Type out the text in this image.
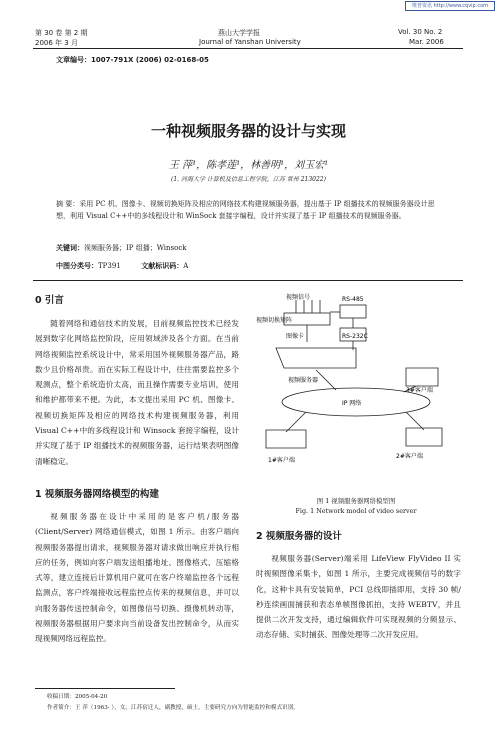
维普资讯 http://www.cqvip.com
第 30 卷 第 2 期
2006 年 3 月
燕山大学学报
Journal of Yanshan University
Vol. 30 No. 2
Mar. 2006
文章编号：1007-791X (2006) 02-0168-05
一种视频服务器的设计与实现
王 萍¹，陈孝莲¹，林善明¹，刘玉宏¹
(1. 河海大学 计算机及信息工程学院，江苏 常州 213022)
摘 要：采用 PC 机、图像卡、视频切换矩阵及相应的网络技术构建视频服务器，提出基于 IP 组播技术的视频服务器设计思想，利用 Visual C++中的多线程设计和 WinSock 套接字编程，设计并实现了基于 IP 组播技术的视频服务器。
关键词：视频服务器；IP 组播；Winsock
中图分类号：TP391	文献标识码：A
0 引言
随着网络和通信技术的发展，目前视频监控技术已经发展到数字化网络监控阶段，应用领域涉及各个方面。在当前网络视频监控系统设计中，常采用国外视频服务器产品，路数少且价格昂贵。而在实际工程设计中，往往需要监控多个观测点，整个系统造价太高，而且操作需要专业培训，使用和维护都带来不便。为此，本文提出采用 PC 机、图像卡、视频切换矩阵及相应的网络技术构建视频服务器，利用 Visual C++中的多线程设计和 Winsock 套接字编程，设计并实现了基于 IP 组播技术的视频服务器，运行结果表明图像清晰稳定。
1 视频服务器网络模型的构建
视频服务器在设计中采用的是客户机/服务器(Client/Server) 网络通信模式，如图 1 所示。由客户端向视频服务器提出请求，视频服务器对请求做出响应并执行相应的任务，例如向客户端发送组播地址、图像格式、压缩格式等，建立连接后计算机用户就可在客户终端监控各个远程监测点，客户终端接收远程监控点传来的视频信息，并可以向服务器传送控制命令，如图像信号切换、摄像机转动等，视频服务器根据用户要求向当前设备发出控制命令，从而实现视频网络远程监控。
视频信号	RS-485
视频切换矩阵
图像卡	RS-232C
视频服务器
3#客户端
IP 网络
1#客户端
2#客户端
图 1 视频服务器网络模型图
Fig. 1 Network model of video server
2 视频服务器的设计
视频服务器(Server)端采用 LifeView FlyVideo II 实时视频图像采集卡，如图 1 所示，主要完成视频信号的数字化，这种卡具有安装简单，PCI 总线即插即用，支持 30 帧/秒连续画面捕获和表态单帧图像抓拍，支持 WEBTV，并且提供二次开发支持，通过编辑软件可实现视频的分频显示、动态存储、实时捕获、图像处理等二次开发应用。
收稿日期：2005-04-20
作者简介：王 萍（1963- ），女，江苏宿迁人，副教授，硕士，主要研究方向为智能监控和模式识别。
